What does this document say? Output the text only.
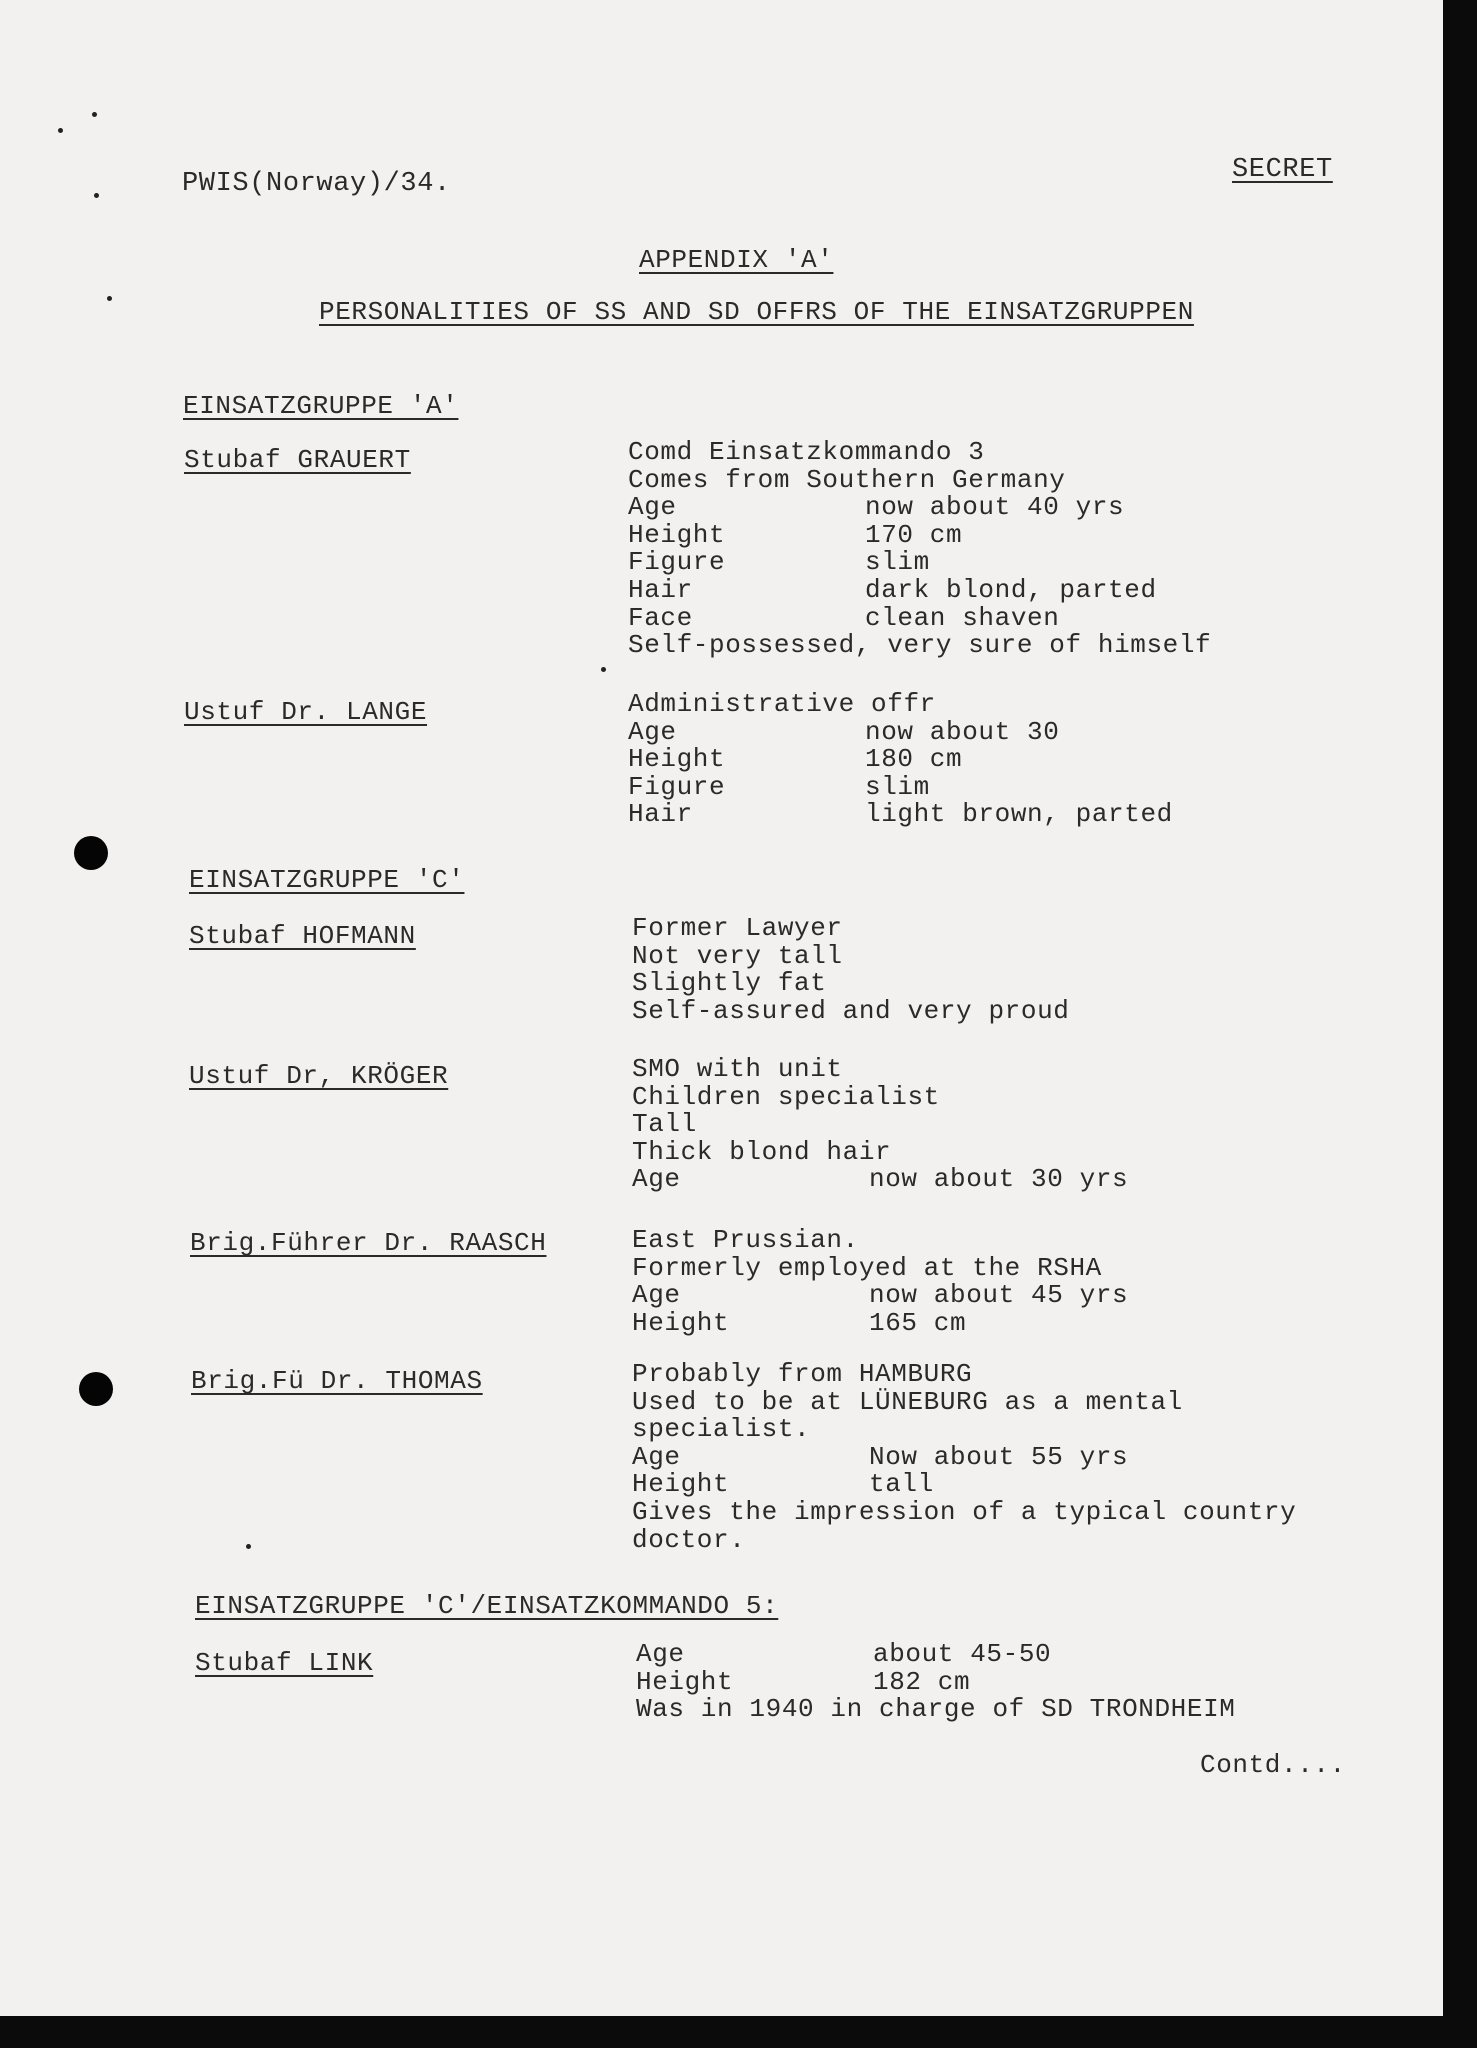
PWIS(Norway)/34.	SECRET
APPENDIX 'A'
PERSONALITIES OF SS AND SD OFFRS OF THE EINSATZGRUPPEN
EINSATZGRUPPE 'A'
Stubaf GRAUERT	Comd Einsatzkommando 3
Comes from Southern Germany
Age	now about 40 yrs
Height	170 cm
Figure	slim
Hair	dark blond, parted
Face	clean shaven
Self-possessed, very sure of himself
Ustuf Dr. LANGE	Administrative offr
Age	now about 30
Height	180 cm
Figure	slim
Hair	light brown, parted
EINSATZGRUPPE 'C'
Stubaf HOFMANN	Former Lawyer
Not very tall
Slightly fat
Self-assured and very proud
Ustuf Dr, KRÖGER	SMO with unit
Children specialist
Tall
Thick blond hair
Age	now about 30 yrs
Brig.Führer Dr. RAASCH	East Prussian.
Formerly employed at the RSHA
Age	now about 45 yrs
Height	165 cm
Brig.Fü Dr. THOMAS	Probably from HAMBURG
Used to be at LÜNEBURG as a mental
specialist.
Age	Now about 55 yrs
Height	tall
Gives the impression of a typical country
doctor.
EINSATZGRUPPE 'C'/EINSATZKOMMANDO 5:
Stubaf LINK	Age	about 45-50
Height	182 cm
Was in 1940 in charge of SD TRONDHEIM
Contd....
